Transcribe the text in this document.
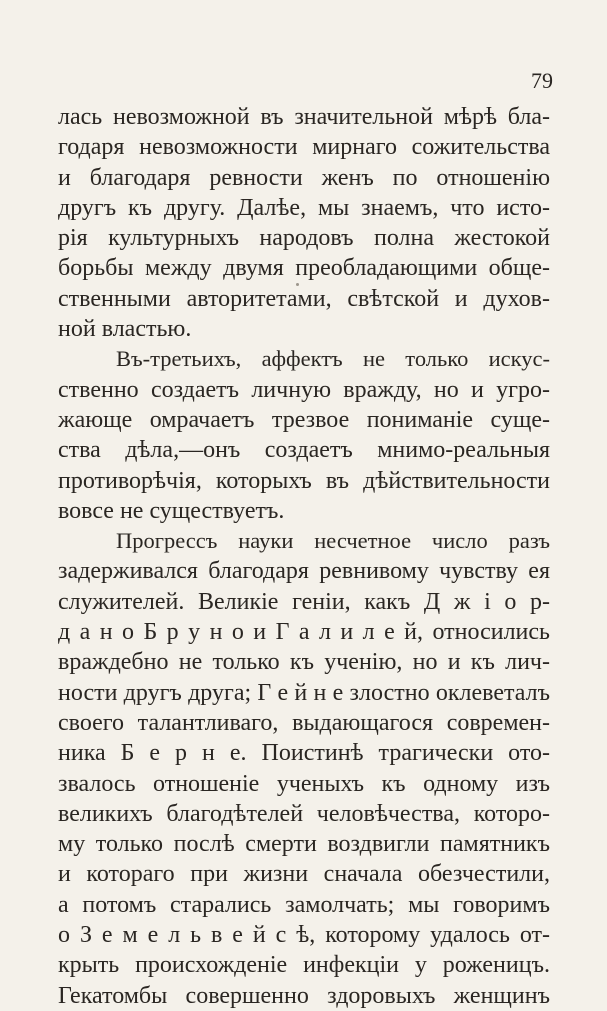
79
лась невозможной въ значительной мѣрѣ бла-
годаря невозможности мирнаго сожительства
и благодаря ревности женъ по отношенію
другъ къ другу. Далѣе, мы знаемъ, что исто-
рія культурныхъ народовъ полна жестокой
борьбы между двумя преобладающими обще-
ственными авторитетами, свѣтской и духов-
ной властью.
Въ-третьихъ, аффектъ не только искус-
ственно создаетъ личную вражду, но и угро-
жающе омрачаетъ трезвое пониманіе суще-
ства дѣла,—онъ создаетъ мнимо-реальныя
противорѣчія, которыхъ въ дѣйствительности
вовсе не существуетъ.
Прогрессъ науки несчетное число разъ
задерживался благодаря ревнивому чувству ея
служителей. Великіе геніи, какъ Д ж і о р-
д а н о Б р у н о и Г а л и л е й, относились
враждебно не только къ ученію, но и къ лич-
ности другъ друга; Г е й н е злостно оклеветалъ
своего талантливаго, выдающагося современ-
ника Б е р н е. Поистинѣ трагически ото-
звалось отношеніе ученыхъ къ одному изъ
великихъ благодѣтелей человѣчества, которо-
му только послѣ смерти воздвигли памятникъ
и котораго при жизни сначала обезчестили,
а потомъ старались замолчать; мы говоримъ
о З е м е л ь в е й с ѣ, которому удалось от-
крыть происхожденіе инфекціи у роженицъ.
Гекатомбы совершенно здоровыхъ женщинъ
